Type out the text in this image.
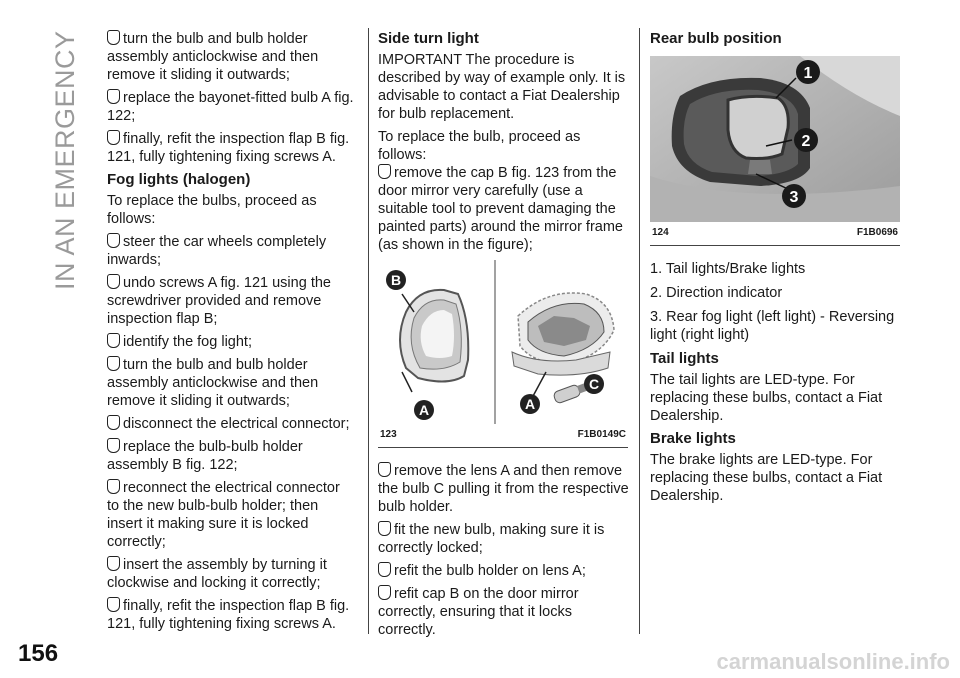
IN AN EMERGENCY
156	carmanualsonline.info

turn the bulb and bulb holder assembly anticlockwise and then remove it sliding it outwards;

replace the bayonet-fitted bulb A fig. 122;

finally, refit the inspection flap B fig. 121, fully tightening fixing screws A.

Fog lights (halogen)

To replace the bulbs, proceed as follows:

steer the car wheels completely inwards;

undo screws A fig. 121 using the screwdriver provided and remove inspection flap B;

identify the fog light;

turn the bulb and bulb holder assembly anticlockwise and then remove it sliding it outwards;

disconnect the electrical connector;

replace the bulb-bulb holder assembly B fig. 122;

reconnect the electrical connector to the new bulb-bulb holder; then insert it making sure it is locked correctly;

insert the assembly by turning it clockwise and locking it correctly;

finally, refit the inspection flap B fig. 121, fully tightening fixing screws A.

Side turn light

IMPORTANT The procedure is described by way of example only. It is advisable to contact a Fiat Dealership for bulb replacement.

To replace the bulb, proceed as follows:

remove the cap B fig. 123 from the door mirror very carefully (use a suitable tool to prevent damaging the painted parts) around the mirror frame (as shown in the figure);

B
A	A
C
123	F1B0149C

remove the lens A and then remove the bulb C pulling it from the respective bulb holder.

fit the new bulb, making sure it is correctly locked;

refit the bulb holder on lens A;

refit cap B on the door mirror correctly, ensuring that it locks correctly.

Rear bulb position
1
2
3
124	F1B0696

1. Tail lights/Brake lights

2. Direction indicator

3. Rear fog light (left light) - Reversing light (right light)

Tail lights

The tail lights are LED-type. For replacing these bulbs, contact a Fiat Dealership.

Brake lights

The brake lights are LED-type. For replacing these bulbs, contact a Fiat Dealership.
